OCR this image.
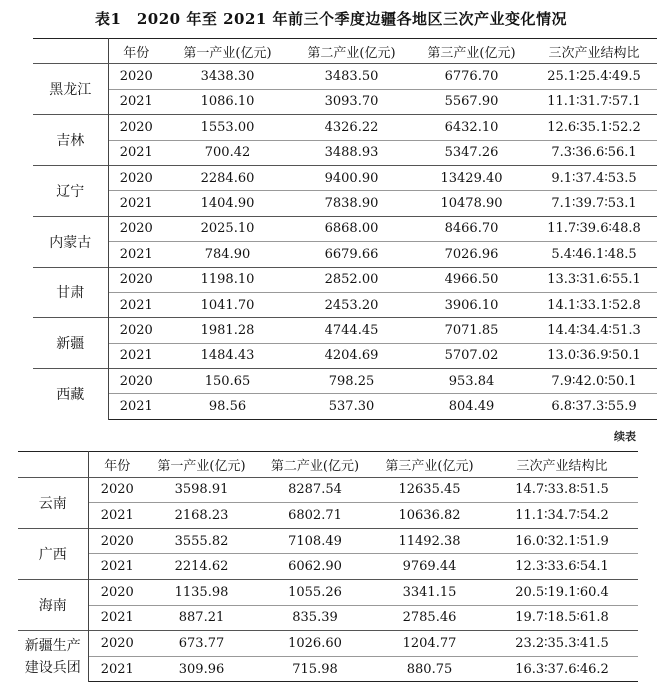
表1　2020 年至 2021 年前三个季度边疆各地区三次产业变化情况
	年份	第一产业(亿元)	第二产业(亿元)	第三产业(亿元)	三次产业结构比
黑龙江	2020	3438.30	3483.50	6776.70	25.1∶25.4∶49.5
	2021	1086.10	3093.70	5567.90	11.1∶31.7∶57.1
吉林	2020	1553.00	4326.22	6432.10	12.6∶35.1∶52.2
	2021	700.42	3488.93	5347.26	7.3∶36.6∶56.1
辽宁	2020	2284.60	9400.90	13429.40	9.1∶37.4∶53.5
	2021	1404.90	7838.90	10478.90	7.1∶39.7∶53.1
内蒙古	2020	2025.10	6868.00	8466.70	11.7∶39.6∶48.8
	2021	784.90	6679.66	7026.96	5.4∶46.1∶48.5
甘肃	2020	1198.10	2852.00	4966.50	13.3∶31.6∶55.1
	2021	1041.70	2453.20	3906.10	14.1∶33.1∶52.8
新疆	2020	1981.28	4744.45	7071.85	14.4∶34.4∶51.3
	2021	1484.43	4204.69	5707.02	13.0∶36.9∶50.1
西藏	2020	150.65	798.25	953.84	7.9∶42.0∶50.1
	2021	98.56	537.30	804.49	6.8∶37.3∶55.9
续表
	年份	第一产业(亿元)	第二产业(亿元)	第三产业(亿元)	三次产业结构比
云南	2020	3598.91	8287.54	12635.45	14.7∶33.8∶51.5
	2021	2168.23	6802.71	10636.82	11.1∶34.7∶54.2
广西	2020	3555.82	7108.49	11492.38	16.0∶32.1∶51.9
	2021	2214.62	6062.90	9769.44	12.3∶33.6∶54.1
海南	2020	1135.98	1055.26	3341.15	20.5∶19.1∶60.4
	2021	887.21	835.39	2785.46	19.7∶18.5∶61.8

新疆生产
建设兵团	2020	673.77	1026.60	1204.77	23.2∶35.3∶41.5
	2021	309.96	715.98	880.75	16.3∶37.6∶46.2
